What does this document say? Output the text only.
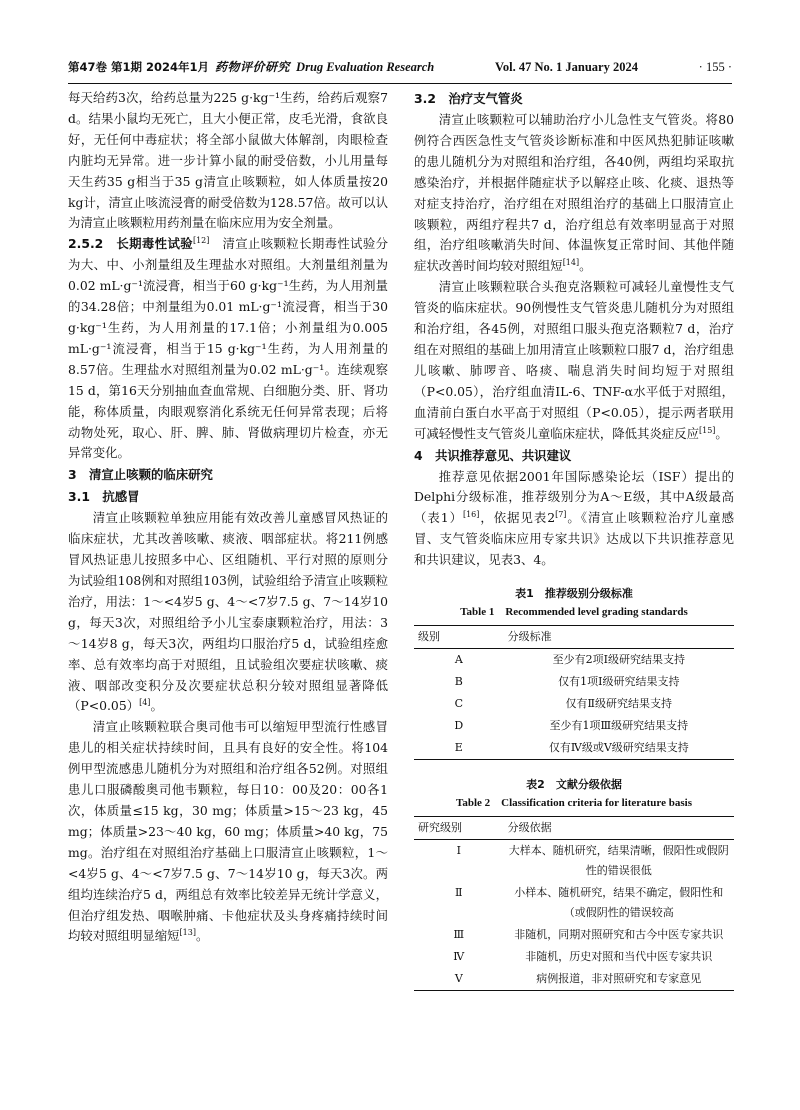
第47卷 第1期 2024年1月 药物评价研究 Drug Evaluation Research	Vol. 47 No. 1 January 2024	· 155 ·

每天给药3次，给药总量为225 g·kg⁻¹生药，给药后观察7 d。结果小鼠均无死亡，且大小便正常，皮毛光滑，食欲良好，无任何中毒症状；将全部小鼠做大体解剖，肉眼检查内脏均无异常。进一步计算小鼠的耐受倍数，小儿用量每天生药35 g相当于35 g清宣止咳颗粒，如人体质量按20 kg计，清宣止咳流浸膏的耐受倍数为128.57倍。故可以认为清宣止咳颗粒用药剂量在临床应用为安全剂量。

2.5.2　长期毒性试验[12]　清宣止咳颗粒长期毒性试验分为大、中、小剂量组及生理盐水对照组。大剂量组剂量为0.02 mL·g⁻¹流浸膏，相当于60 g·kg⁻¹生药，为人用剂量的34.28倍；中剂量组为0.01 mL·g⁻¹流浸膏，相当于30 g·kg⁻¹生药，为人用剂量的17.1倍；小剂量组为0.005 mL·g⁻¹流浸膏，相当于15 g·kg⁻¹生药，为人用剂量的8.57倍。生理盐水对照组剂量为0.02 mL·g⁻¹。连续观察15 d，第16天分别抽血查血常规、白细胞分类、肝、肾功能，称体质量，肉眼观察消化系统无任何异常表现；后将动物处死，取心、肝、脾、肺、肾做病理切片检查，亦无异常变化。

3　清宣止咳颗的临床研究
3.1　抗感冒

清宣止咳颗粒单独应用能有效改善儿童感冒风热证的临床症状，尤其改善咳嗽、痰液、咽部症状。将211例感冒风热证患儿按照多中心、区组随机、平行对照的原则分为试验组108例和对照组103例，试验组给予清宣止咳颗粒治疗，用法：1～<4岁5 g、4～<7岁7.5 g、7～14岁10 g，每天3次，对照组给予小儿宝泰康颗粒治疗，用法：3～14岁8 g，每天3次，两组均口服治疗5 d，试验组痊愈率、总有效率均高于对照组，且试验组次要症状咳嗽、痰液、咽部改变积分及次要症状总积分较对照组显著降低（P<0.05）[4]。

清宣止咳颗粒联合奥司他韦可以缩短甲型流行性感冒患儿的相关症状持续时间，且具有良好的安全性。将104例甲型流感患儿随机分为对照组和治疗组各52例。对照组患儿口服磷酸奥司他韦颗粒，每日10：00及20：00各1次，体质量≤15 kg，30 mg；体质量>15～23 kg，45 mg；体质量>23～40 kg，60 mg；体质量>40 kg，75 mg。治疗组在对照组治疗基础上口服清宣止咳颗粒，1～<4岁5 g、4～<7岁7.5 g、7～14岁10 g，每天3次。两组均连续治疗5 d，两组总有效率比较差异无统计学意义，但治疗组发热、咽喉肿痛、卡他症状及头身疼痛持续时间均较对照组明显缩短[13]。

3.2　治疗支气管炎

清宣止咳颗粒可以辅助治疗小儿急性支气管炎。将80例符合西医急性支气管炎诊断标准和中医风热犯肺证咳嗽的患儿随机分为对照组和治疗组，各40例，两组均采取抗感染治疗，并根据伴随症状予以解痉止咳、化痰、退热等对症支持治疗，治疗组在对照组治疗的基础上口服清宣止咳颗粒，两组疗程共7 d，治疗组总有效率明显高于对照组，治疗组咳嗽消失时间、体温恢复正常时间、其他伴随症状改善时间均较对照组短[14]。

清宣止咳颗粒联合头孢克洛颗粒可减轻儿童慢性支气管炎的临床症状。90例慢性支气管炎患儿随机分为对照组和治疗组，各45例，对照组口服头孢克洛颗粒7 d，治疗组在对照组的基础上加用清宣止咳颗粒口服7 d，治疗组患儿咳嗽、肺啰音、咯痰、喘息消失时间均短于对照组（P<0.05），治疗组血清IL-6、TNF-α水平低于对照组，血清前白蛋白水平高于对照组（P<0.05），提示两者联用可减轻慢性支气管炎儿童临床症状，降低其炎症反应[15]。

4　共识推荐意见、共识建议

推荐意见依据2001年国际感染论坛（ISF）提出的Delphi分级标准，推荐级别分为A～E级，其中A级最高（表1）[16]，依据见表2[7]。《清宣止咳颗粒治疗儿童感冒、支气管炎临床应用专家共识》达成以下共识推荐意见和共识建议，见表3、4。

表1　推荐级别分级标准
Table 1　Recommended level grading standards
级别	分级标准
A	至少有2项Ⅰ级研究结果支持
B	仅有1项Ⅰ级研究结果支持
C	仅有Ⅱ级研究结果支持
D	至少有1项Ⅲ级研究结果支持
E	仅有Ⅳ级或Ⅴ级研究结果支持
表2　文献分级依据
Table 2　Classification criteria for literature basis
研究级别	分级依据
Ⅰ	大样本、随机研究，结果清晰，假阳性或假阴性的错误很低
Ⅱ	小样本、随机研究，结果不确定，假阳性和（或假阴性的错误较高
Ⅲ	非随机，同期对照研究和古今中医专家共识
Ⅳ	非随机，历史对照和当代中医专家共识
Ⅴ	病例报道，非对照研究和专家意见
